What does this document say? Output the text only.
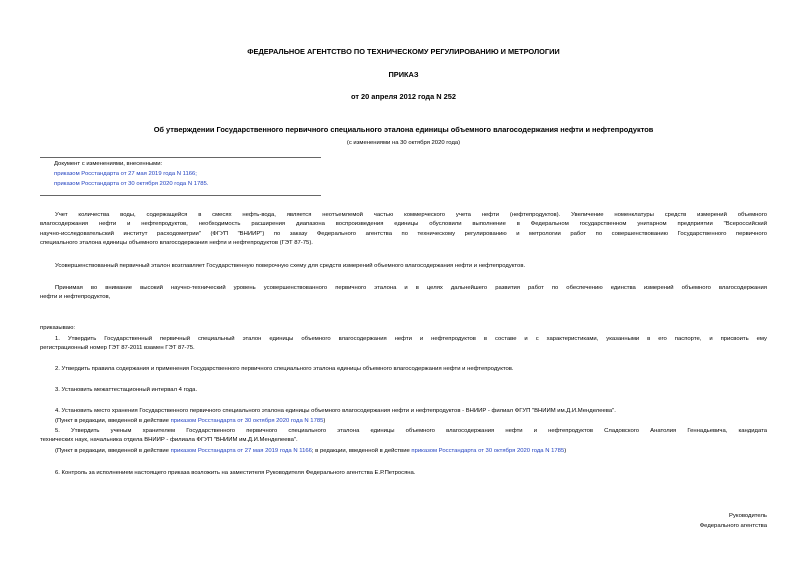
ФЕДЕРАЛЬНОЕ АГЕНТСТВО ПО ТЕХНИЧЕСКОМУ РЕГУЛИРОВАНИЮ И МЕТРОЛОГИИ
ПРИКАЗ
от 20 апреля 2012 года N 252
Об утверждении Государственного первичного специального эталона единицы объемного влагосодержания нефти и нефтепродуктов
(с изменениями на 30 октября 2020 года)
Документ с изменениями, внесенными:
приказом Росстандарта от 27 мая 2019 года N 1166;
приказом Росстандарта от 30 октября 2020 года N 1785.
Учет количества воды, содержащейся в смесях нефть-вода, является неотъемлемой частью коммерческого учета нефти (нефтепродуктов). Увеличение номенклатуры средств измерений объемного
влагосодержания нефти и нефтепродуктов, необходимость расширения диапазона воспроизведения единицы обусловили выполнение в Федеральном государственном унитарном предприятии "Всероссийский
научно-исследовательский институт расходометрии" (ФГУП "ВНИИР") по заказу Федерального агентства по техническому регулированию и метрологии работ по совершенствованию Государственного первичного
специального эталона единицы объемного влагосодержания нефти и нефтепродуктов (ГЭТ 87-75).
Усовершенствованный первичный эталон возглавляет Государственную поверочную схему для средств измерений объемного влагосодержания нефти и нефтепродуктов.
Принимая во внимание высокий научно-технический уровень усовершенствованного первичного эталона и в целях дальнейшего развития работ по обеспечению единства измерений объемного влагосодержания
нефти и нефтепродуктов,
приказываю:
1. Утвердить Государственный первичный специальный эталон единицы объемного влагосодержания нефти и нефтепродуктов в составе и с характеристиками, указанными в его паспорте, и присвоить ему
регистрационный номер ГЭТ 87-2011 взамен ГЭТ 87-75.
2. Утвердить правила содержания и применения Государственного первичного специального эталона единицы объемного влагосодержания нефти и нефтепродуктов.
3. Установить межаттестационный интервал 4 года.
4. Установить место хранения Государственного первичного специального эталона единицы объемного влагосодержания нефти и нефтепродуктов - ВНИИР - филиал ФГУП "ВНИИМ им.Д.И.Менделеева".
(Пункт в редакции, введенной в действие приказом Росстандарта от 30 октября 2020 года N 1785)
5. Утвердить ученым хранителем Государственного первичного специального эталона единицы объемного влагосодержания нефти и нефтепродуктов Сладовского Анатолия Геннадьевича, кандидата
технических наук, начальника отдела ВНИИР - филиала ФГУП "ВНИИМ им.Д.И.Менделеева".
(Пункт в редакции, введенной в действие приказом Росстандарта от 27 мая 2019 года N 1166; в редакции, введенной в действие приказом Росстандарта от 30 октября 2020 года N 1785)
6. Контроль за исполнением настоящего приказа возложить на заместителя Руководителя Федерального агентства Е.Р.Петросяна.
Руководитель
Федерального агентства
